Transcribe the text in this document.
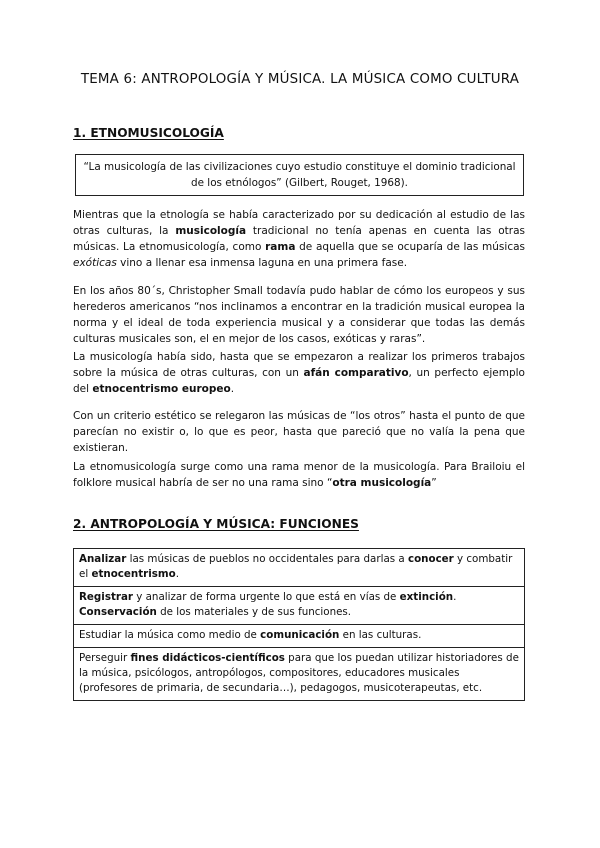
TEMA 6: ANTROPOLOGÍA Y MÚSICA. LA MÚSICA COMO CULTURA
1. ETNOMUSICOLOGÍA
“La musicología de las civilizaciones cuyo estudio constituye el dominio tradicional de los etnólogos” (Gilbert, Rouget, 1968).

Mientras que la etnología se había caracterizado por su dedicación al estudio de las otras culturas, la musicología tradicional no tenía apenas en cuenta las otras músicas. La etnomusicología, como rama de aquella que se ocuparía de las músicas exóticas vino a llenar esa inmensa laguna en una primera fase.

En los años 80´s, Christopher Small todavía pudo hablar de cómo los europeos y sus herederos americanos “nos inclinamos a encontrar en la tradición musical europea la norma y el ideal de toda experiencia musical y a considerar que todas las demás culturas musicales son, el en mejor de los casos, exóticas y raras”.

La musicología había sido, hasta que se empezaron a realizar los primeros trabajos sobre la música de otras culturas, con un afán comparativo, un perfecto ejemplo del etnocentrismo europeo.

Con un criterio estético se relegaron las músicas de “los otros” hasta el punto de que parecían no existir o, lo que es peor, hasta que pareció que no valía la pena que existieran.

La etnomusicología surge como una rama menor de la musicología. Para Brailoiu el folklore musical habría de ser no una rama sino “otra musicología”

2. ANTROPOLOGÍA Y MÚSICA: FUNCIONES
Analizar las músicas de pueblos no occidentales para darlas a conocer y combatir el etnocentrismo.
Registrar y analizar de forma urgente lo que está en vías de extinción. Conservación de los materiales y de sus funciones.
Estudiar la música como medio de comunicación en las culturas.
Perseguir fines didácticos-científicos para que los puedan utilizar historiadores de la música, psicólogos, antropólogos, compositores, educadores musicales (profesores de primaria, de secundaria…), pedagogos, musicoterapeutas, etc.
